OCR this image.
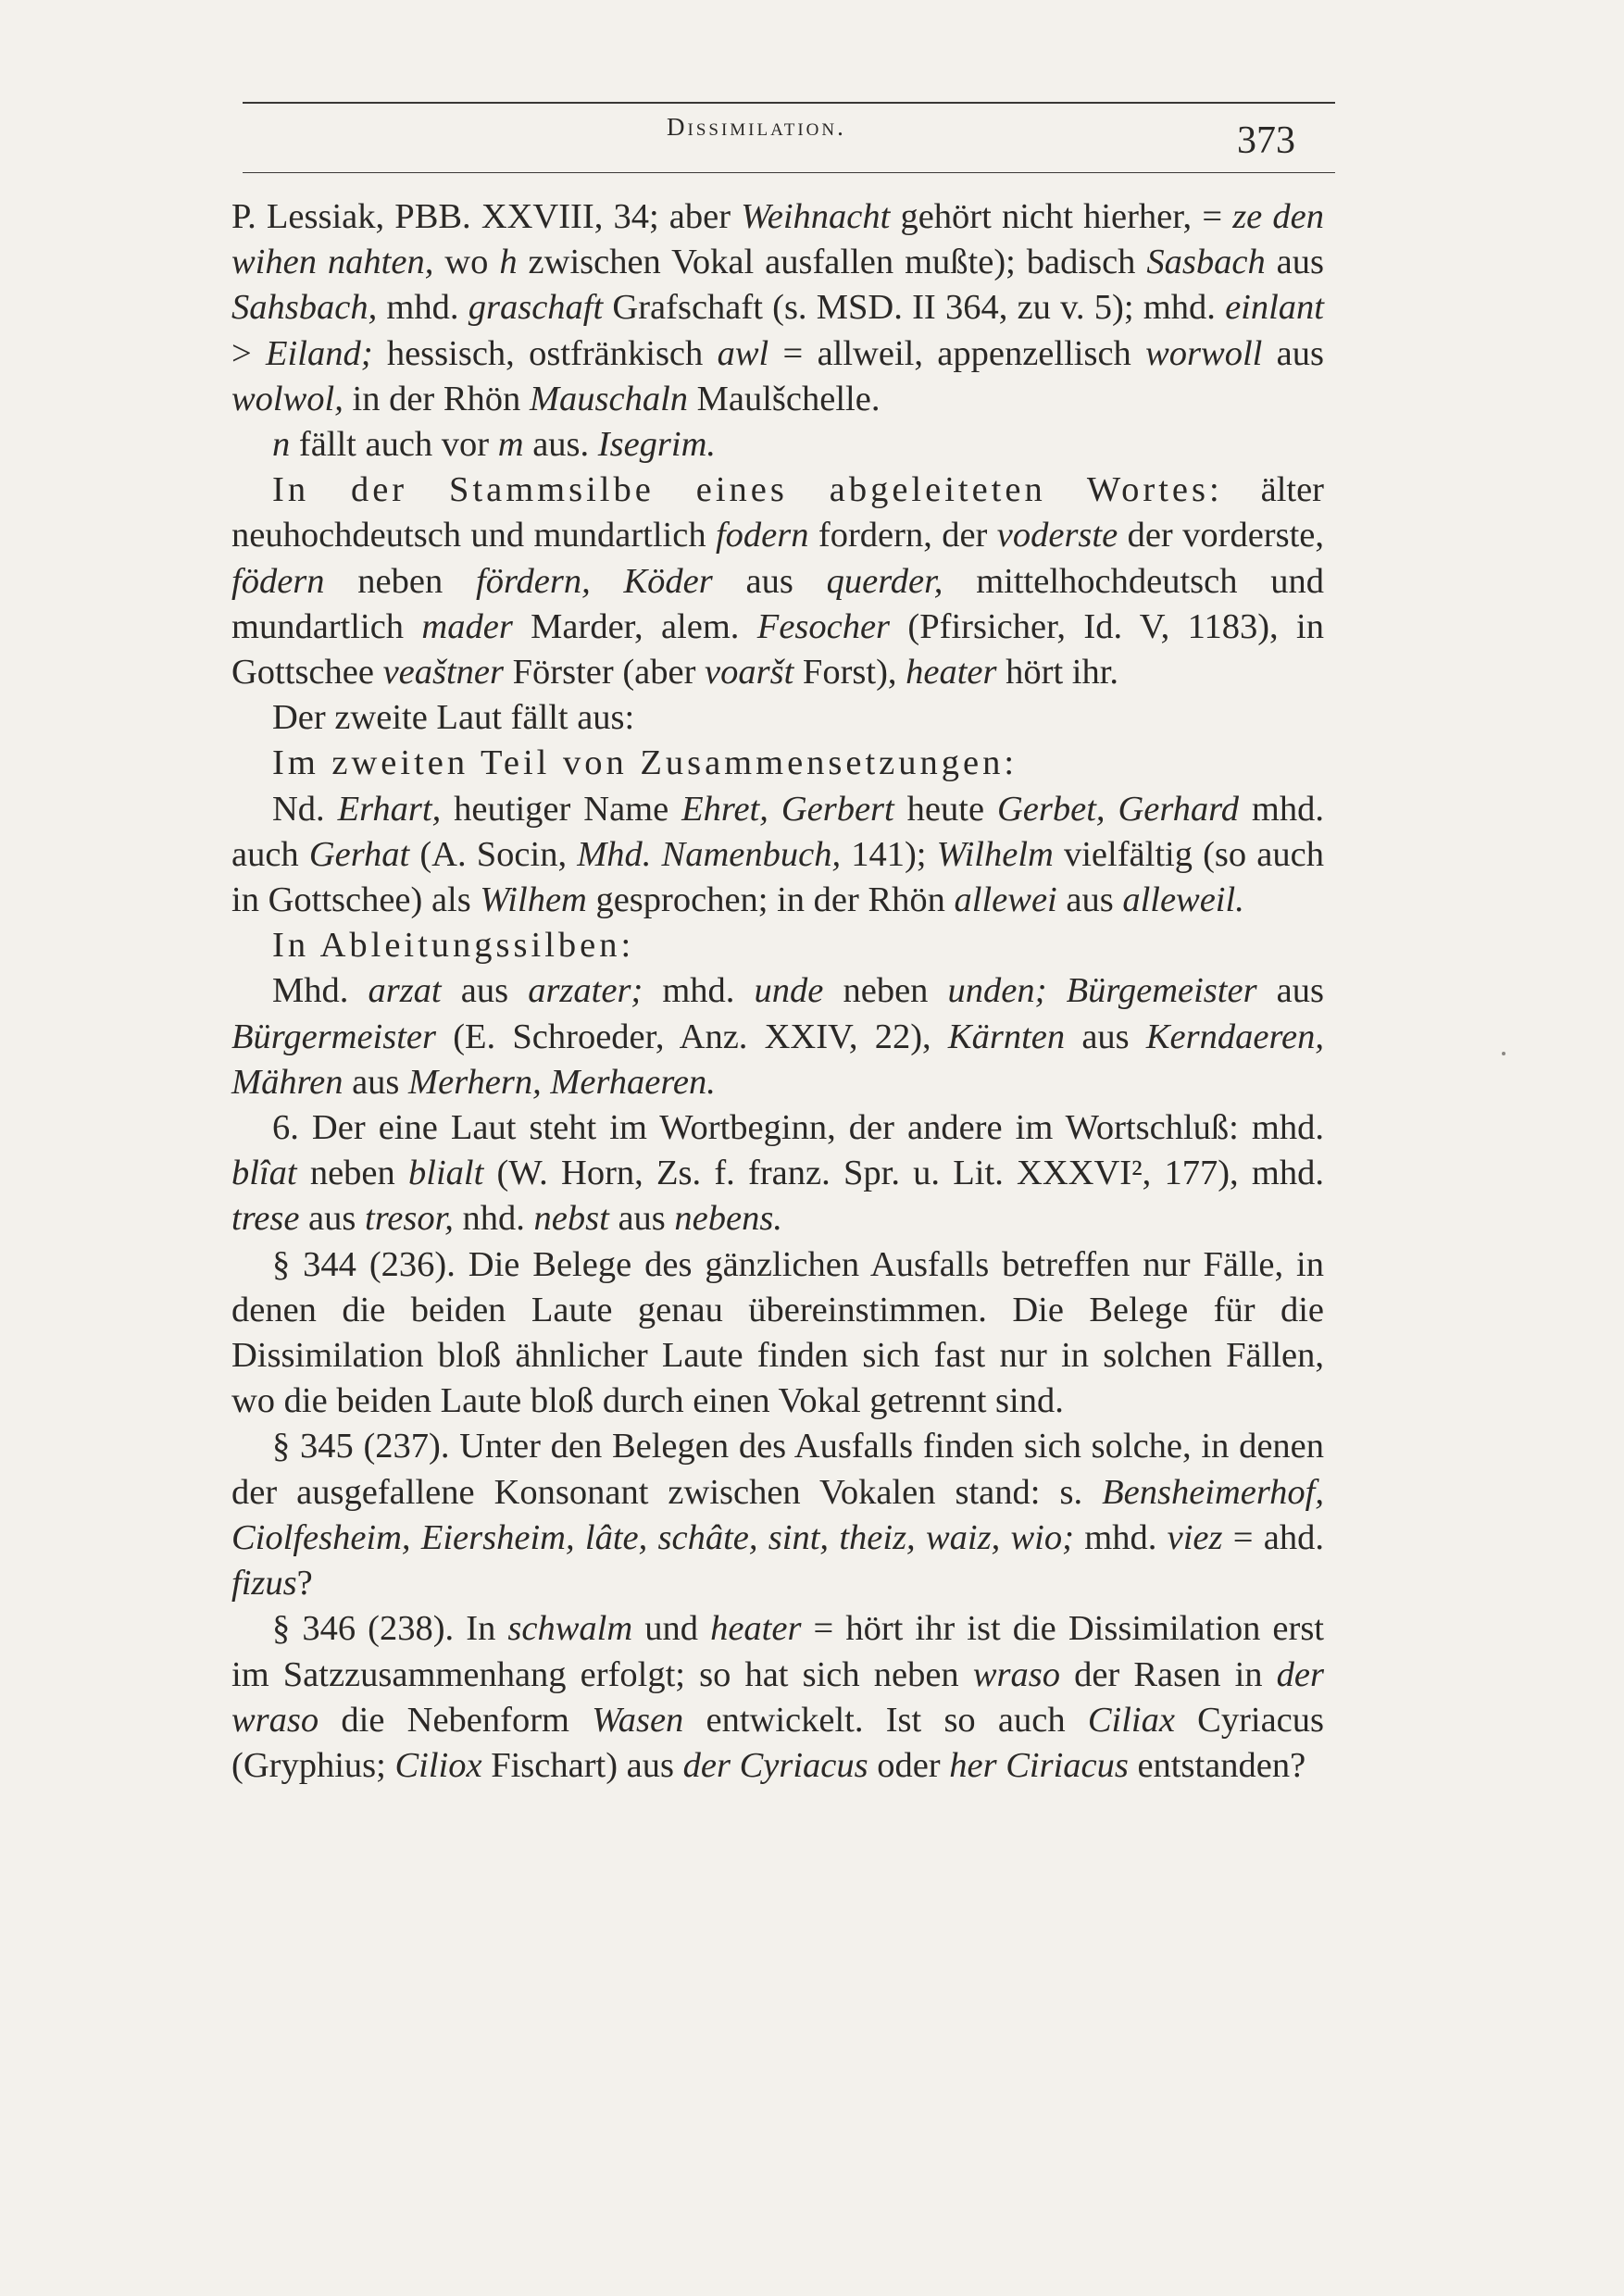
Dissimilation.	373

P. Lessiak, PBB. XXVIII, 34; aber Weihnacht gehört nicht hierher, = ze den wihen nahten, wo h zwischen Vokal ausfallen mußte); badisch Sasbach aus Sahsbach, mhd. graschaft Grafschaft (s. MSD. II 364, zu v. 5); mhd. einlant > Eiland; hessisch, ostfränkisch awl = allweil, appenzellisch worwoll aus wolwol, in der Rhön Mauschaln Maulšchelle.

n fällt auch vor m aus. Isegrim.

In der Stammsilbe eines abgeleiteten Wortes: älter neuhochdeutsch und mundartlich fodern fordern, der voderste der vorderste, födern neben fördern, Köder aus querder, mittelhochdeutsch und mundartlich mader Marder, alem. Fesocher (Pfirsicher, Id. V, 1183), in Gottschee veaštner Förster (aber voaršt Forst), heater hört ihr.

Der zweite Laut fällt aus:

Im zweiten Teil von Zusammensetzungen:

Nd. Erhart, heutiger Name Ehret, Gerbert heute Gerbet, Gerhard mhd. auch Gerhat (A. Socin, Mhd. Namenbuch, 141); Wilhelm vielfältig (so auch in Gottschee) als Wilhem gesprochen; in der Rhön allewei aus alleweil.

In Ableitungssilben:

Mhd. arzat aus arzater; mhd. unde neben unden; Bürgemeister aus Bürgermeister (E. Schroeder, Anz. XXIV, 22), Kärnten aus Kerndaeren, Mähren aus Merhern, Merhaeren.

6. Der eine Laut steht im Wortbeginn, der andere im Wortschluß: mhd. blîat neben blialt (W. Horn, Zs. f. franz. Spr. u. Lit. XXXVI², 177), mhd. trese aus tresor, nhd. nebst aus nebens.

§ 344 (236). Die Belege des gänzlichen Ausfalls betreffen nur Fälle, in denen die beiden Laute genau übereinstimmen. Die Belege für die Dissimilation bloß ähnlicher Laute finden sich fast nur in solchen Fällen, wo die beiden Laute bloß durch einen Vokal getrennt sind.

§ 345 (237). Unter den Belegen des Ausfalls finden sich solche, in denen der ausgefallene Konsonant zwischen Vokalen stand: s. Bensheimerhof, Ciolfesheim, Eiersheim, lâte, schâte, sint, theiz, waiz, wio; mhd. viez = ahd. fizus?

§ 346 (238). In schwalm und heater = hört ihr ist die Dissimilation erst im Satzzusammenhang erfolgt; so hat sich neben wraso der Rasen in der wraso die Nebenform Wasen entwickelt. Ist so auch Ciliax Cyriacus (Gryphius; Ciliox Fischart) aus der Cyriacus oder her Ciriacus entstanden?
